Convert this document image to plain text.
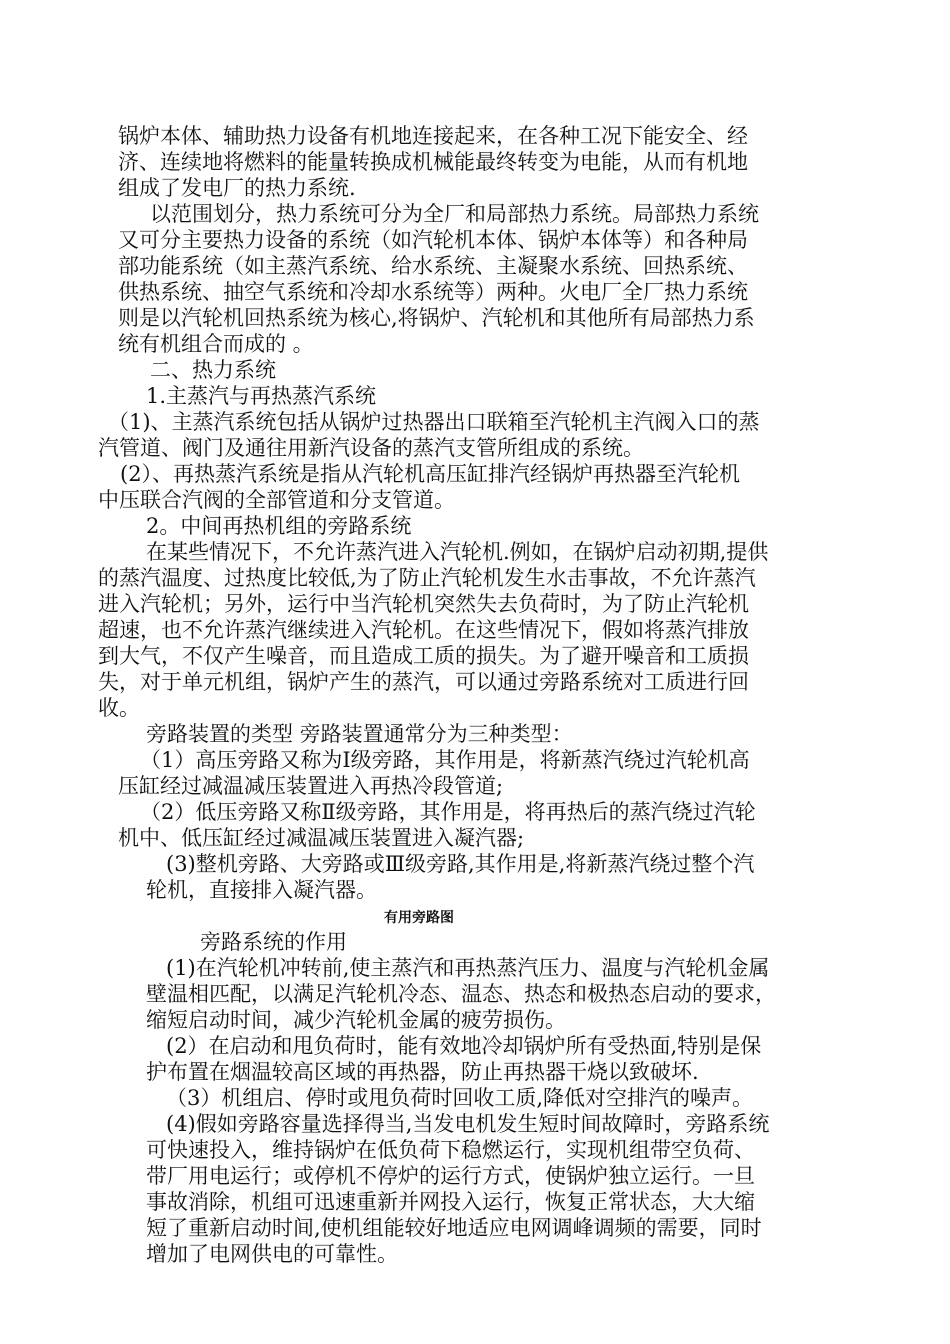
锅炉本体、辅助热力设备有机地连接起来，在各种工况下能安全、经
济、连续地将燃料的能量转换成机械能最终转变为电能，从而有机地
组成了发电厂的热力系统.
以范围划分，热力系统可分为全厂和局部热力系统。局部热力系统
又可分主要热力设备的系统（如汽轮机本体、锅炉本体等）和各种局
部功能系统（如主蒸汽系统、给水系统、主凝聚水系统、回热系统、
供热系统、抽空气系统和冷却水系统等）两种。火电厂全厂热力系统
则是以汽轮机回热系统为核心,将锅炉、汽轮机和其他所有局部热力系
统有机组合而成的 。
二、热力系统
1.主蒸汽与再热蒸汽系统
（1)、主蒸汽系统包括从锅炉过热器出口联箱至汽轮机主汽阀入口的蒸
汽管道、阀门及通往用新汽设备的蒸汽支管所组成的系统。
(2）、再热蒸汽系统是指从汽轮机高压缸排汽经锅炉再热器至汽轮机
中压联合汽阀的全部管道和分支管道。
2。中间再热机组的旁路系统
在某些情况下，不允许蒸汽进入汽轮机.例如，在锅炉启动初期,提供
的蒸汽温度、过热度比较低,为了防止汽轮机发生水击事故，不允许蒸汽
进入汽轮机；另外，运行中当汽轮机突然失去负荷时，为了防止汽轮机
超速，也不允许蒸汽继续进入汽轮机。在这些情况下，假如将蒸汽排放
到大气，不仅产生噪音，而且造成工质的损失。为了避开噪音和工质损
失，对于单元机组，锅炉产生的蒸汽，可以通过旁路系统对工质进行回
收。
旁路装置的类型 旁路装置通常分为三种类型：
（1）高压旁路又称为Ⅰ级旁路，其作用是，将新蒸汽绕过汽轮机高
压缸经过减温减压装置进入再热冷段管道;
（2）低压旁路又称Ⅱ级旁路，其作用是，将再热后的蒸汽绕过汽轮
机中、低压缸经过减温减压装置进入凝汽器;
(3)整机旁路、大旁路或Ⅲ级旁路,其作用是,将新蒸汽绕过整个汽
轮机，直接排入凝汽器。
有用旁路图
旁路系统的作用
(1)在汽轮机冲转前,使主蒸汽和再热蒸汽压力、温度与汽轮机金属
壁温相匹配，以满足汽轮机冷态、温态、热态和极热态启动的要求，
缩短启动时间，减少汽轮机金属的疲劳损伤。
(2）在启动和甩负荷时，能有效地冷却锅炉所有受热面,特别是保
护布置在烟温较高区域的再热器，防止再热器干烧以致破坏.
（3）机组启、停时或甩负荷时回收工质,降低对空排汽的噪声。
(4)假如旁路容量选择得当,当发电机发生短时间故障时，旁路系统
可快速投入，维持锅炉在低负荷下稳燃运行，实现机组带空负荷、
带厂用电运行；或停机不停炉的运行方式，使锅炉独立运行。一旦
事故消除，机组可迅速重新并网投入运行，恢复正常状态，大大缩
短了重新启动时间,使机组能较好地适应电网调峰调频的需要，同时
增加了电网供电的可靠性。
